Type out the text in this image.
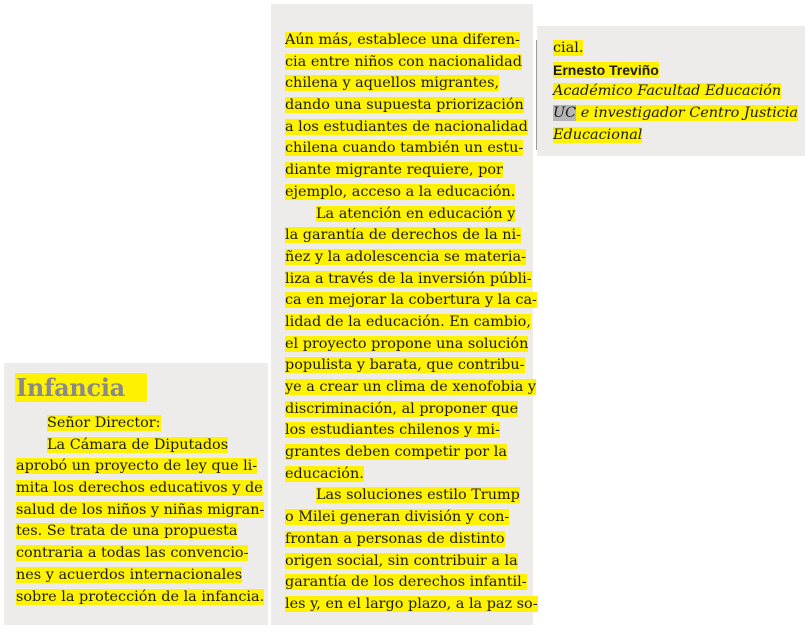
Infancia
Señor Director:
La Cámara de Diputados
aprobó un proyecto de ley que li-
mita los derechos educativos y de
salud de los niños y niñas migran-
tes. Se trata de una propuesta
contraria a todas las convencio-
nes y acuerdos internacionales
sobre la protección de la infancia.
Aún más, establece una diferen-
cia entre niños con nacionalidad
chilena y aquellos migrantes,
dando una supuesta priorización
a los estudiantes de nacionalidad
chilena cuando también un estu-
diante migrante requiere, por
ejemplo, acceso a la educación.
La atención en educación y
la garantía de derechos de la ni-
ñez y la adolescencia se materia-
liza a través de la inversión públi-
ca en mejorar la cobertura y la ca-
lidad de la educación. En cambio,
el proyecto propone una solución
populista y barata, que contribu-
ye a crear un clima de xenofobia y
discriminación, al proponer que
los estudiantes chilenos y mi-
grantes deben competir por la
educación.
Las soluciones estilo Trump
o Milei generan división y con-
frontan a personas de distinto
origen social, sin contribuir a la
garantía de los derechos infantil-
les y, en el largo plazo, a la paz so-
cial.
Ernesto Treviño
Académico Facultad Educación
UC e investigador Centro Justicia
Educacional
